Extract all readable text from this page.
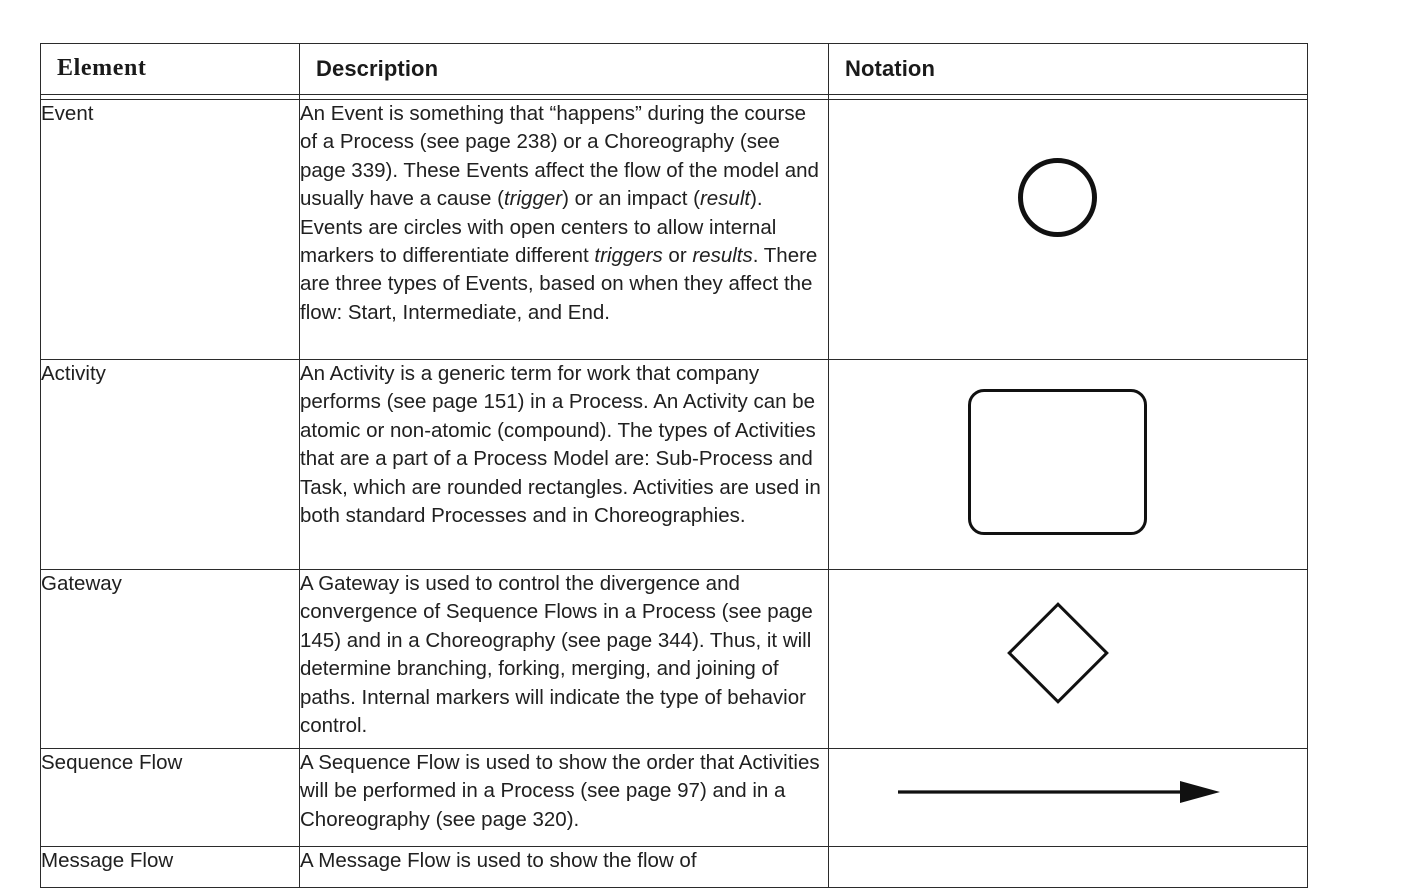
Element	Description	Notation

Event	An Event is something that “happens” during the course of a Process (see page 238) or a Choreography (see page 339). These Events affect the flow of the model and usually have a cause (trigger) or an impact (result). Events are circles with open centers to allow internal markers to differentiate different triggers or results. There are three types of Events, based on when they affect the flow: Start, Intermediate, and End.	

Activity	An Activity is a generic term for work that company performs (see page 151) in a Process. An Activity can be atomic or non-atomic (compound). The types of Activities that are a part of a Process Model are: Sub-Process and Task, which are rounded rectangles. Activities are used in both standard Processes and in Choreographies.	

Gateway	A Gateway is used to control the divergence and convergence of Sequence Flows in a Process (see page 145) and in a Choreography (see page 344). Thus, it will determine branching, forking, merging, and joining of paths. Internal markers will indicate the type of behavior control.	

Sequence Flow	A Sequence Flow is used to show the order that Activities will be performed in a Process (see page 97) and in a Choreography (see page 320).	

Message Flow	A Message Flow is used to show the flow of	
